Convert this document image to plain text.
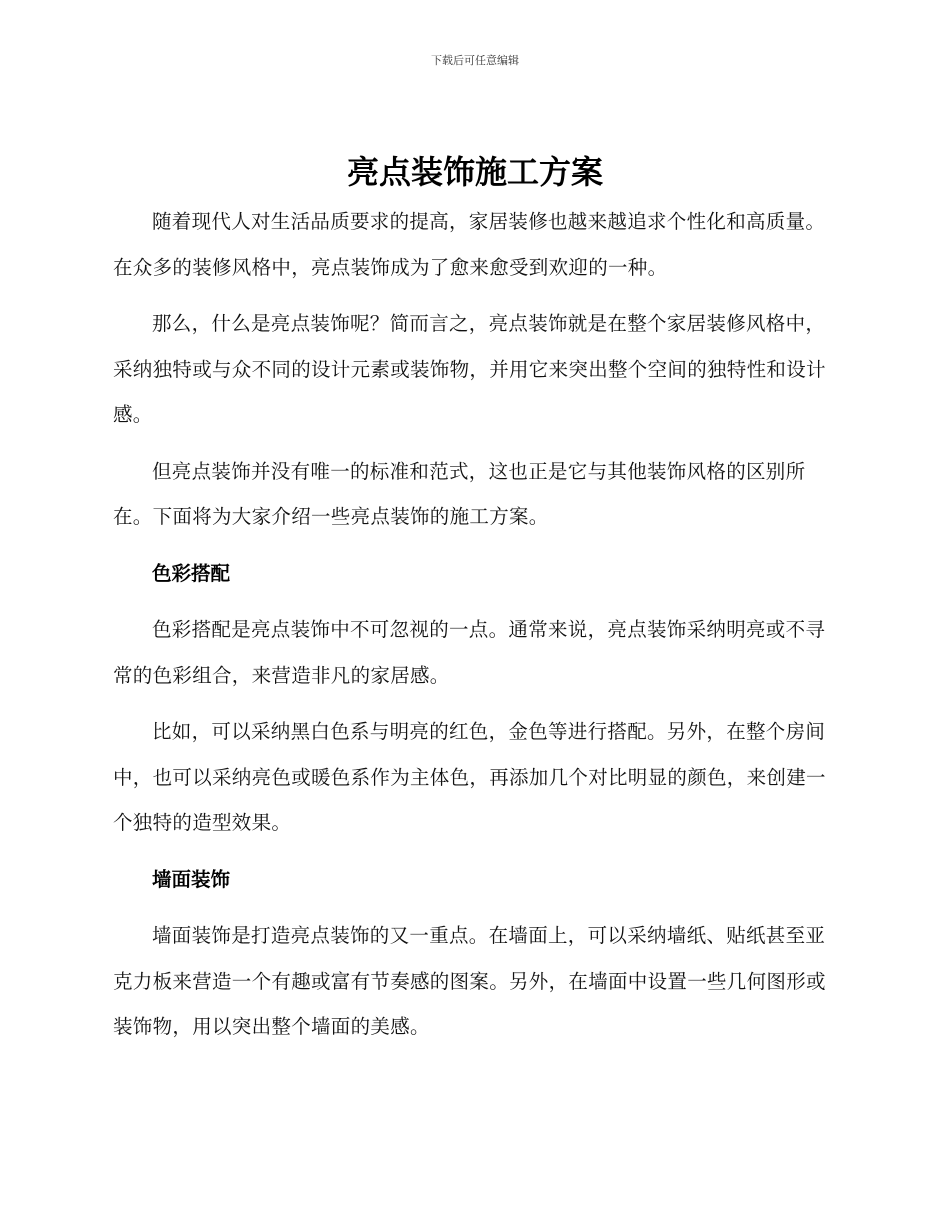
下载后可任意编辑
亮点装饰施工方案

随着现代人对生活品质要求的提高，家居装修也越来越追求个性化和高质量。在众多的装修风格中，亮点装饰成为了愈来愈受到欢迎的一种。

那么，什么是亮点装饰呢？简而言之，亮点装饰就是在整个家居装修风格中，采纳独特或与众不同的设计元素或装饰物，并用它来突出整个空间的独特性和设计感。

但亮点装饰并没有唯一的标准和范式，这也正是它与其他装饰风格的区别所在。下面将为大家介绍一些亮点装饰的施工方案。

色彩搭配

色彩搭配是亮点装饰中不可忽视的一点。通常来说，亮点装饰采纳明亮或不寻常的色彩组合，来营造非凡的家居感。

比如，可以采纳黑白色系与明亮的红色，金色等进行搭配。另外，在整个房间中，也可以采纳亮色或暖色系作为主体色，再添加几个对比明显的颜色，来创建一个独特的造型效果。

墙面装饰

墙面装饰是打造亮点装饰的又一重点。在墙面上，可以采纳墙纸、贴纸甚至亚克力板来营造一个有趣或富有节奏感的图案。另外，在墙面中设置一些几何图形或装饰物，用以突出整个墙面的美感。
